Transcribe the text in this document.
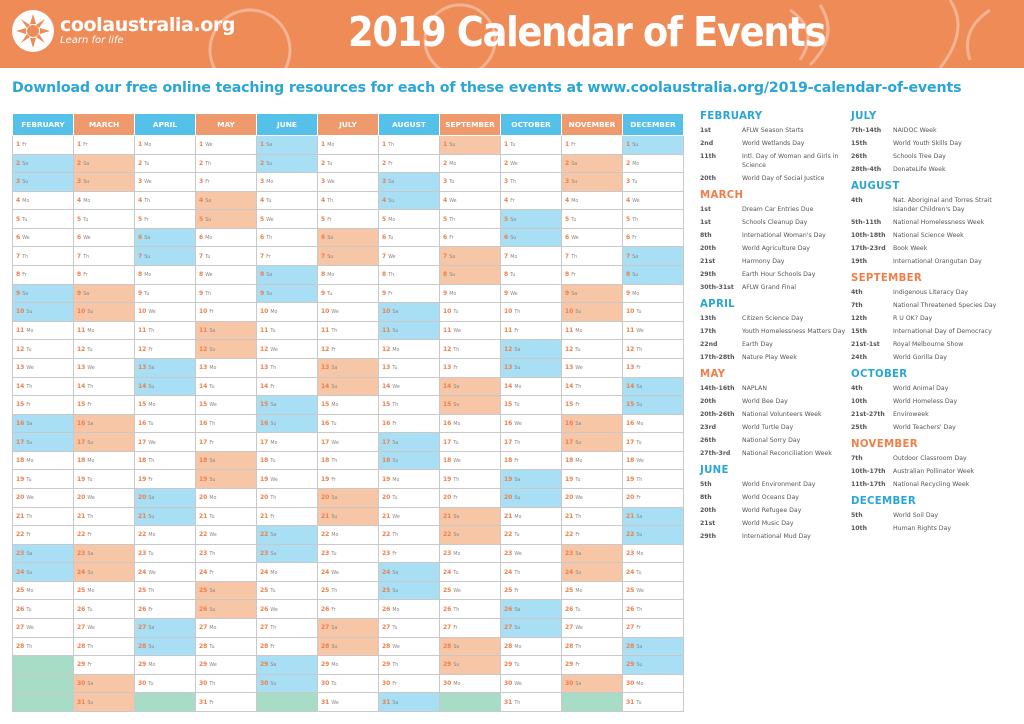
coolaustralia.org
Learn for life	2019 Calendar of Events
Download our free online teaching resources for each of these events at www.coolaustralia.org/2019-calendar-of-events
FEBRUARY	MARCH	APRIL	MAY	JUNE	JULY	AUGUST	SEPTEMBER	OCTOBER	NOVEMBER	DECEMBER
1 Fr	1 Fr	1 Mo	1 We	1 Sa	1 Mo	1 Th	1 Su	1 Tu	1 Fr	1 Su
2 Sa	2 Sa	2 Tu	2 Th	2 Su	2 Tu	2 Fr	2 Mo	2 We	2 Sa	2 Mo
3 Su	3 Su	3 We	3 Fr	3 Mo	3 We	3 Sa	3 Tu	3 Th	3 Su	3 Tu
4 Mo	4 Mo	4 Th	4 Sa	4 Tu	4 Th	4 Su	4 We	4 Fr	4 Mo	4 We
5 Tu	5 Tu	5 Fr	5 Su	5 We	5 Fr	5 Mo	5 Th	5 Sa	5 Tu	5 Th
6 We	6 We	6 Sa	6 Mo	6 Th	6 Sa	6 Tu	6 Fr	6 Su	6 We	6 Fr
7 Th	7 Th	7 Su	7 Tu	7 Fr	7 Su	7 We	7 Sa	7 Mo	7 Th	7 Sa
8 Fr	8 Fr	8 Mo	8 We	8 Sa	8 Mo	8 Th	8 Su	8 Tu	8 Fr	8 Su
9 Sa	9 Sa	9 Tu	9 Th	9 Su	9 Tu	9 Fr	9 Mo	9 We	9 Sa	9 Mo
10 Su	10 Su	10 We	10 Fr	10 Mo	10 We	10 Sa	10 Tu	10 Th	10 Su	10 Tu
11 Mo	11 Mo	11 Th	11 Sa	11 Tu	11 Th	11 Su	11 We	11 Fr	11 Mo	11 We
12 Tu	12 Tu	12 Fr	12 Su	12 We	12 Fr	12 Mo	12 Th	12 Sa	12 Tu	12 Th
13 We	13 We	13 Sa	13 Mo	13 Th	13 Sa	13 Tu	13 Fr	13 Su	13 We	13 Fr
14 Th	14 Th	14 Su	14 Tu	14 Fr	14 Su	14 We	14 Sa	14 Mo	14 Th	14 Sa
15 Fr	15 Fr	15 Mo	15 We	15 Sa	15 Mo	15 Th	15 Su	15 Tu	15 Fr	15 Su
16 Sa	16 Sa	16 Tu	16 Th	16 Su	16 Tu	16 Fr	16 Mo	16 We	16 Sa	16 Mo
17 Su	17 Su	17 We	17 Fr	17 Mo	17 We	17 Sa	17 Tu	17 Th	17 Su	17 Tu
18 Mo	18 Mo	18 Th	18 Sa	18 Tu	18 Th	18 Su	18 We	18 Fr	18 Mo	18 We
19 Tu	19 Tu	19 Fr	19 Su	19 We	19 Fr	19 Mo	19 Th	19 Sa	19 Tu	19 Th
20 We	20 We	20 Sa	20 Mo	20 Th	20 Sa	20 Tu	20 Fr	20 Su	20 We	20 Fr
21 Th	21 Th	21 Su	21 Tu	21 Fr	21 Su	21 We	21 Sa	21 Mo	21 Th	21 Sa
22 Fr	22 Fr	22 Mo	22 We	22 Sa	22 Mo	22 Th	22 Su	22 Tu	22 Fr	22 Su
23 Sa	23 Sa	23 Tu	23 Th	23 Su	23 Tu	23 Fr	23 Mo	23 We	23 Sa	23 Mo
24 Su	24 Su	24 We	24 Fr	24 Mo	24 We	24 Sa	24 Tu	24 Th	24 Su	24 Tu
25 Mo	25 Mo	25 Th	25 Sa	25 Tu	25 Th	25 Su	25 We	25 Fr	25 Mo	25 We
26 Tu	26 Tu	26 Fr	26 Su	26 We	26 Fr	26 Mo	26 Th	26 Sa	26 Tu	26 Th
27 We	27 We	27 Sa	27 Mo	27 Th	27 Sa	27 Tu	27 Fr	27 Su	27 We	27 Fr
28 Th	28 Th	28 Su	28 Tu	28 Fr	28 Su	28 We	28 Sa	28 Mo	28 Th	28 Sa
	29 Fr	29 Mo	29 We	29 Sa	29 Mo	29 Th	29 Su	29 Tu	29 Fr	29 Su
	30 Sa	30 Tu	30 Th	30 Su	30 Tu	30 Fr	30 Mo	30 We	30 Sa	30 Mo
	31 Su		31 Fr		31 We	31 Sa		31 Th		31 Tu
FEBRUARY
1st	AFLW Season Starts
2nd	World Wetlands Day
11th	Intl. Day of Woman and Girls in Science
20th	World Day of Social Justice
MARCH
1st	Dream Car Entries Due
1st	Schools Cleanup Day
8th	International Woman's Day
20th	World Agriculture Day
21st	Harmony Day
29th	Earth Hour Schools Day
30th-31st	AFLW Grand Final
APRIL
13th	Citizen Science Day
17th	Youth Homelessness Matters Day
22nd	Earth Day
17th-28th	Nature Play Week
MAY
14th-16th	NAPLAN
20th	World Bee Day
20th-26th	National Volunteers Week
23rd	World Turtle Day
26th	National Sorry Day
27th-3rd	National Reconciliation Week
JUNE
5th	World Environment Day
8th	World Oceans Day
20th	World Refugee Day
21st	World Music Day
29th	International Mud Day
JULY
7th-14th	NAIDOC Week
15th	World Youth Skills Day
26th	Schools Tree Day
28th-4th	DonateLife Week
AUGUST
4th	Nat. Aboriginal and Torres Strait Islander Children's Day
5th-11th	National Homelessness Week
10th-18th	National Science Week
17th-23rd	Book Week
19th	International Orangutan Day
SEPTEMBER
4th	Indigenous Literacy Day
7th	National Threatened Species Day
12th	R U OK? Day
15th	International Day of Democracy
21st-1st	Royal Melbourne Show
24th	World Gorilla Day
OCTOBER
4th	World Animal Day
10th	World Homeless Day
21st-27th	Enviroweek
25th	World Teachers' Day
NOVEMBER
7th	Outdoor Classroom Day
10th-17th	Australian Pollinator Week
11th-17th	National Recycling Week
DECEMBER
5th	World Soil Day
10th	Human Rights Day
